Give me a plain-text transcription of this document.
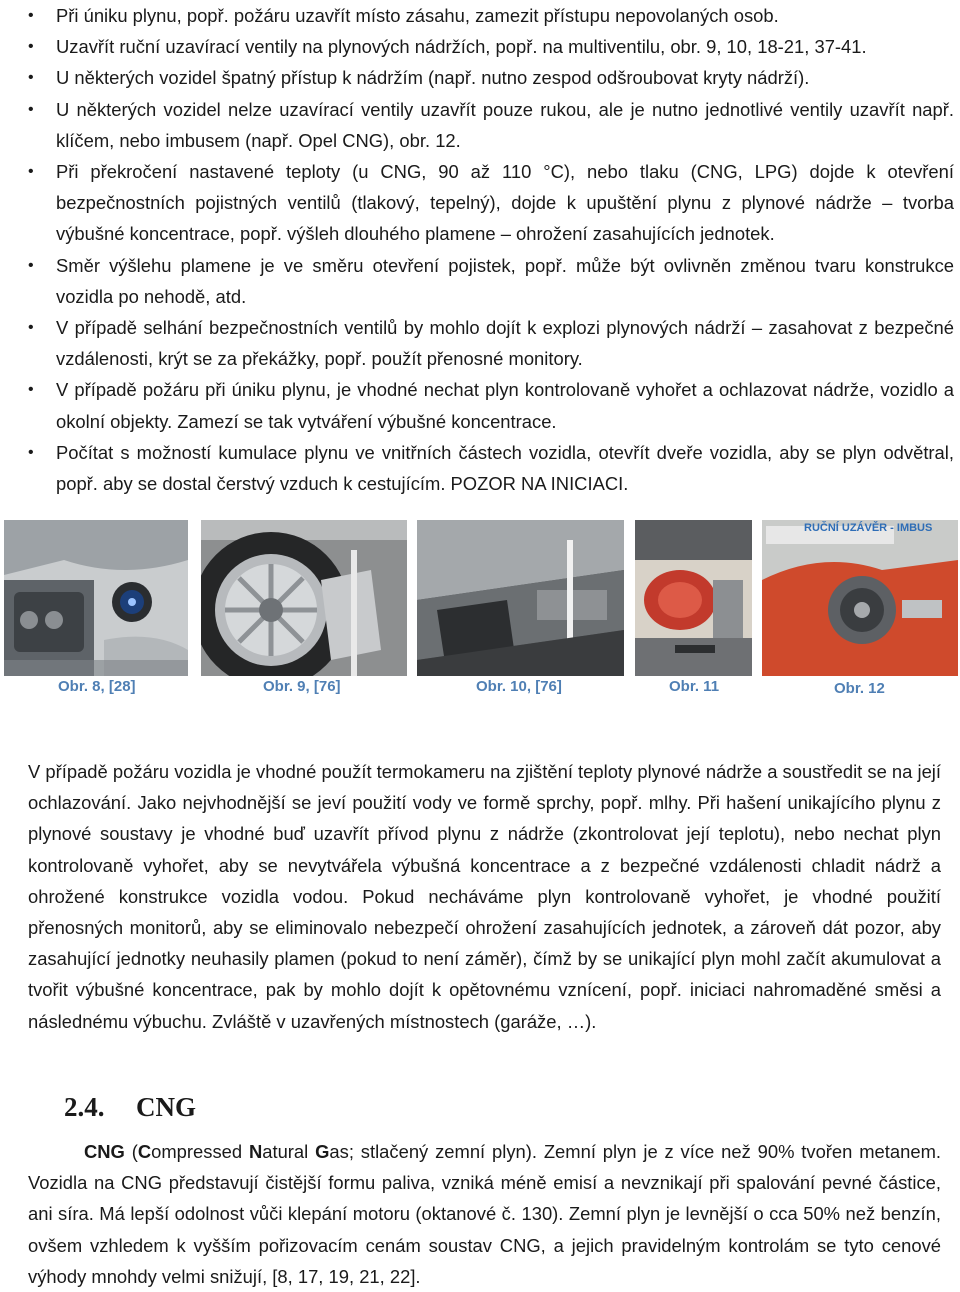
• Při úniku plynu, popř. požáru uzavřít místo zásahu, zamezit přístupu nepovolaných osob.
• Uzavřít ruční uzavírací ventily na plynových nádržích, popř. na multiventilu, obr. 9, 10, 18-21, 37-41.
• U některých vozidel špatný přístup k nádržím (např. nutno zespod odšroubovat kryty nádrží).
• U některých vozidel nelze uzavírací ventily uzavřít pouze rukou, ale je nutno jednotlivé ventily uzavřít např. klíčem, nebo imbusem (např. Opel CNG), obr. 12.
• Při překročení nastavené teploty (u CNG, 90 až 110 °C), nebo tlaku (CNG, LPG) dojde k otevření bezpečnostních pojistných ventilů (tlakový, tepelný), dojde k upuštění plynu z plynové nádrže – tvorba výbušné koncentrace, popř. výšleh dlouhého plamene – ohrožení zasahujících jednotek.
• Směr výšlehu plamene je ve směru otevření pojistek, popř. může být ovlivněn změnou tvaru konstrukce vozidla po nehodě, atd.
• V případě selhání bezpečnostních ventilů by mohlo dojít k explozi plynových nádrží – zasahovat z bezpečné vzdálenosti, krýt se za překážky, popř. použít přenosné monitory.
• V případě požáru při úniku plynu, je vhodné nechat plyn kontrolovaně vyhořet a ochlazovat nádrže, vozidlo a okolní objekty. Zamezí se tak vytváření výbušné koncentrace.
• Počítat s možností kumulace plynu ve vnitřních částech vozidla, otevřít dveře vozidla, aby se plyn odvětral, popř. aby se dostal čerstvý vzduch k cestujícím. POZOR NA INICIACI.
RUČNÍ UZÁVĚR - IMBUS
Obr. 8, [28]	Obr. 9, [76]	Obr. 10, [76]	Obr. 11	Obr. 12

V případě požáru vozidla je vhodné použít termokameru na zjištění teploty plynové nádrže a soustředit se na její ochlazování. Jako nejvhodnější se jeví použití vody ve formě sprchy, popř. mlhy. Při hašení unikajícího plynu z plynové soustavy je vhodné buď uzavřít přívod plynu z nádrže (zkontrolovat její teplotu), nebo nechat plyn kontrolovaně vyhořet, aby se nevytvářela výbušná koncentrace a z bezpečné vzdálenosti chladit nádrž a ohrožené konstrukce vozidla vodou. Pokud necháváme plyn kontrolovaně vyhořet, je vhodné použití přenosných monitorů, aby se eliminovalo nebezpečí ohrožení zasahujících jednotek, a zároveň dát pozor, aby zasahující jednotky neuhasily plamen (pokud to není záměr), čímž by se unikající plyn mohl začít akumulovat a tvořit výbušné koncentrace, pak by mohlo dojít k opětovnému vznícení, popř. iniciaci nahromaděné směsi a následnému výbuchu. Zvláště v uzavřených místnostech (garáže, …).

2.4. CNG

CNG (Compressed Natural Gas; stlačený zemní plyn). Zemní plyn je z více než 90% tvořen metanem. Vozidla na CNG představují čistější formu paliva, vzniká méně emisí a nevznikají při spalování pevné částice, ani síra. Má lepší odolnost vůči klepání motoru (oktanové č. 130). Zemní plyn je levnější o cca 50% než benzín, ovšem vzhledem k vyšším pořizovacím cenám soustav CNG, a jejich pravidelným kontrolám se tyto cenové výhody mnohdy velmi snižují, [8, 17, 19, 21, 22].
